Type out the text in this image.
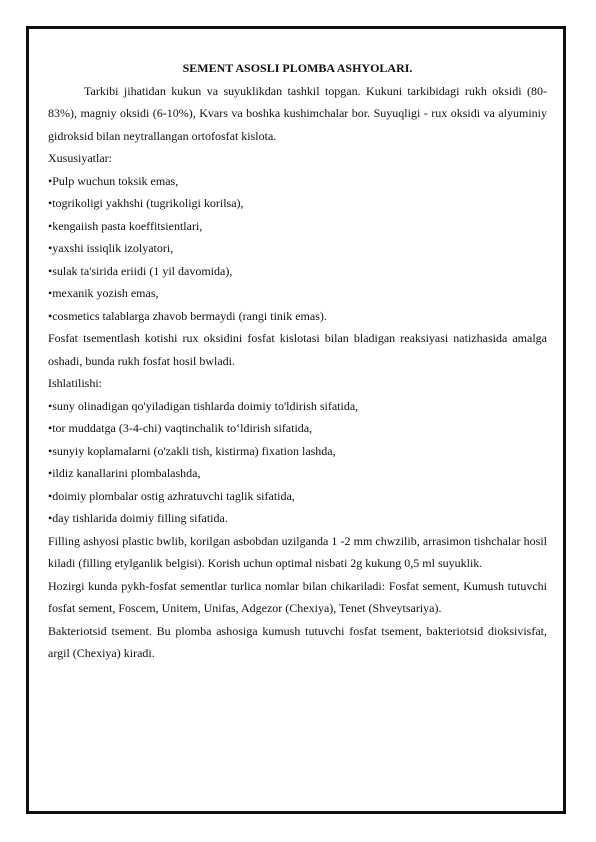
SEMENT ASOSLI PLOMBA ASHYOLARI.

Tarkibi jihatidan kukun va suyuklikdan tashkil topgan. Kukuni tarkibidagi rukh oksidi (80-83%), magniy oksidi (6-10%), Kvars va boshka kushimchalar bor. Suyuqligi - rux oksidi va alyuminiy gidroksid bilan neytrallangan ortofosfat kislota.

Xususiyatlar:

•Pulp wuchun toksik emas,

•togrikoligi yakhshi (tugrikoligi korilsa),

•kengaiish pasta koeffitsientlari,

•yaxshi issiqlik izolyatori,

•sulak ta'sirida eriidi (1 yil davomida),

•mexanik yozish emas,

•cosmetics talablarga zhavob bermaydi (rangi tinik emas).

Fosfat tsementlash kotishi rux oksidini fosfat kislotasi bilan bladigan reaksiyasi natizhasida amalga oshadi, bunda rukh fosfat hosil bwladi.

Ishlatilishi:

•suny olinadigan qo'yiladigan tishlarda doimiy to'ldirish sifatida,

•tor muddatga (3-4-chi) vaqtinchalik to‘ldirish sifatida,

•sunyiy koplamalarni (o'zakli tish, kistirma) fixation lashda,

•ildiz kanallarini plombalashda,

•doimiy plombalar ostig azhratuvchi taglik sifatida,

•day tishlarida doimiy filling sifatida.

Filling ashyosi plastic bwlib, korilgan asbobdan uzilganda 1 -2 mm chwzilib, arrasimon tishchalar hosil kiladi (filling etylganlik belgisi). Korish uchun optimal nisbati 2g kukung 0,5 ml suyuklik.

Hozirgi kunda pykh-fosfat sementlar turlica nomlar bilan chikariladi: Fosfat sement, Kumush tutuvchi fosfat sement, Foscem, Unitem, Unifas, Adgezor (Chexiya), Tenet (Shveytsariya).

Bakteriotsid tsement. Bu plomba ashosiga kumush tutuvchi fosfat tsement, bakteriotsid dioksivisfat, argil (Chexiya) kiradi.
